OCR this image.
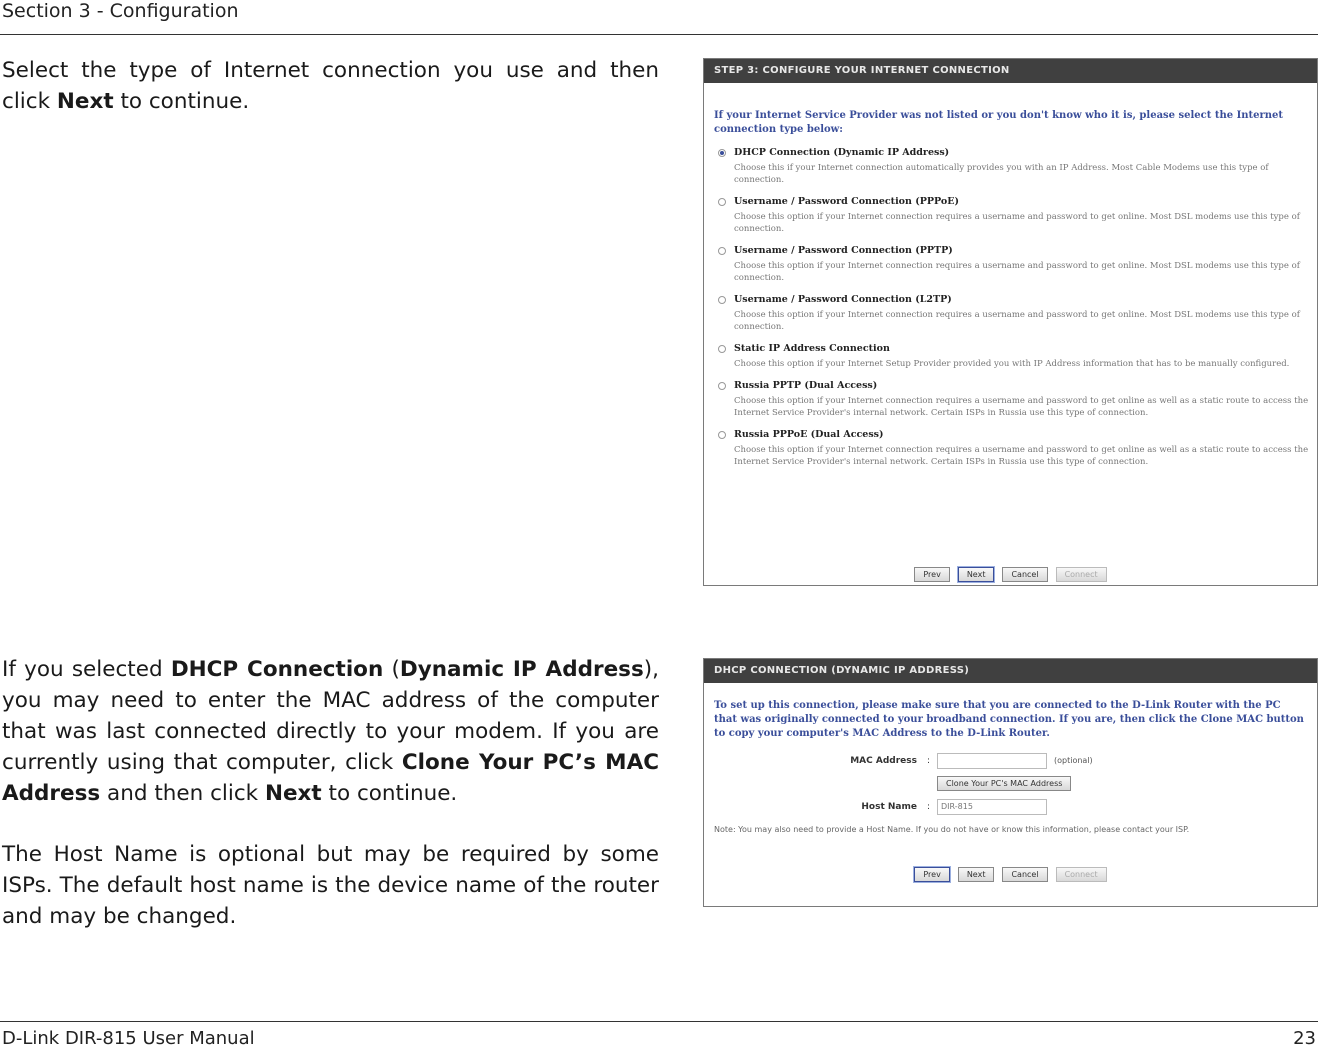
Section 3 - Configuration

Select the type of Internet connection you use and then click Next to continue.

If you selected DHCP Connection (Dynamic IP Address), you may need to enter the MAC address of the computer that was last connected directly to your modem. If you are currently using that computer, click Clone Your PC’s MAC Address and then click Next to continue.

The Host Name is optional but may be required by some ISPs. The default host name is the device name of the router and may be changed.

STEP 3: CONFIGURE YOUR INTERNET CONNECTION
If your Internet Service Provider was not listed or you don't know who it is, please select the Internet connection type below:
DHCP Connection (Dynamic IP Address)
Choose this if your Internet connection automatically provides you with an IP Address. Most Cable Modems use this type of connection.
Username / Password Connection (PPPoE)
Choose this option if your Internet connection requires a username and password to get online. Most DSL modems use this type of connection.
Username / Password Connection (PPTP)
Choose this option if your Internet connection requires a username and password to get online. Most DSL modems use this type of connection.
Username / Password Connection (L2TP)
Choose this option if your Internet connection requires a username and password to get online. Most DSL modems use this type of connection.
Static IP Address Connection
Choose this option if your Internet Setup Provider provided you with IP Address information that has to be manually configured.
Russia PPTP (Dual Access)
Choose this option if your Internet connection requires a username and password to get online as well as a static route to access the Internet Service Provider's internal network. Certain ISPs in Russia use this type of connection.
Russia PPPoE (Dual Access)
Choose this option if your Internet connection requires a username and password to get online as well as a static route to access the Internet Service Provider's internal network. Certain ISPs in Russia use this type of connection.
Prev	Next	Cancel	Connect
DHCP CONNECTION (DYNAMIC IP ADDRESS)
To set up this connection, please make sure that you are connected to the D-Link Router with the PC that was originally connected to your broadband connection. If you are, then click the Clone MAC button to copy your computer's MAC Address to the D-Link Router.
MAC Address :	(optional)
Clone Your PC's MAC Address
Host Name :	DIR-815
Note: You may also need to provide a Host Name. If you do not have or know this information, please contact your ISP.
Prev	Next	Cancel	Connect
D-Link DIR-815 User Manual	23
